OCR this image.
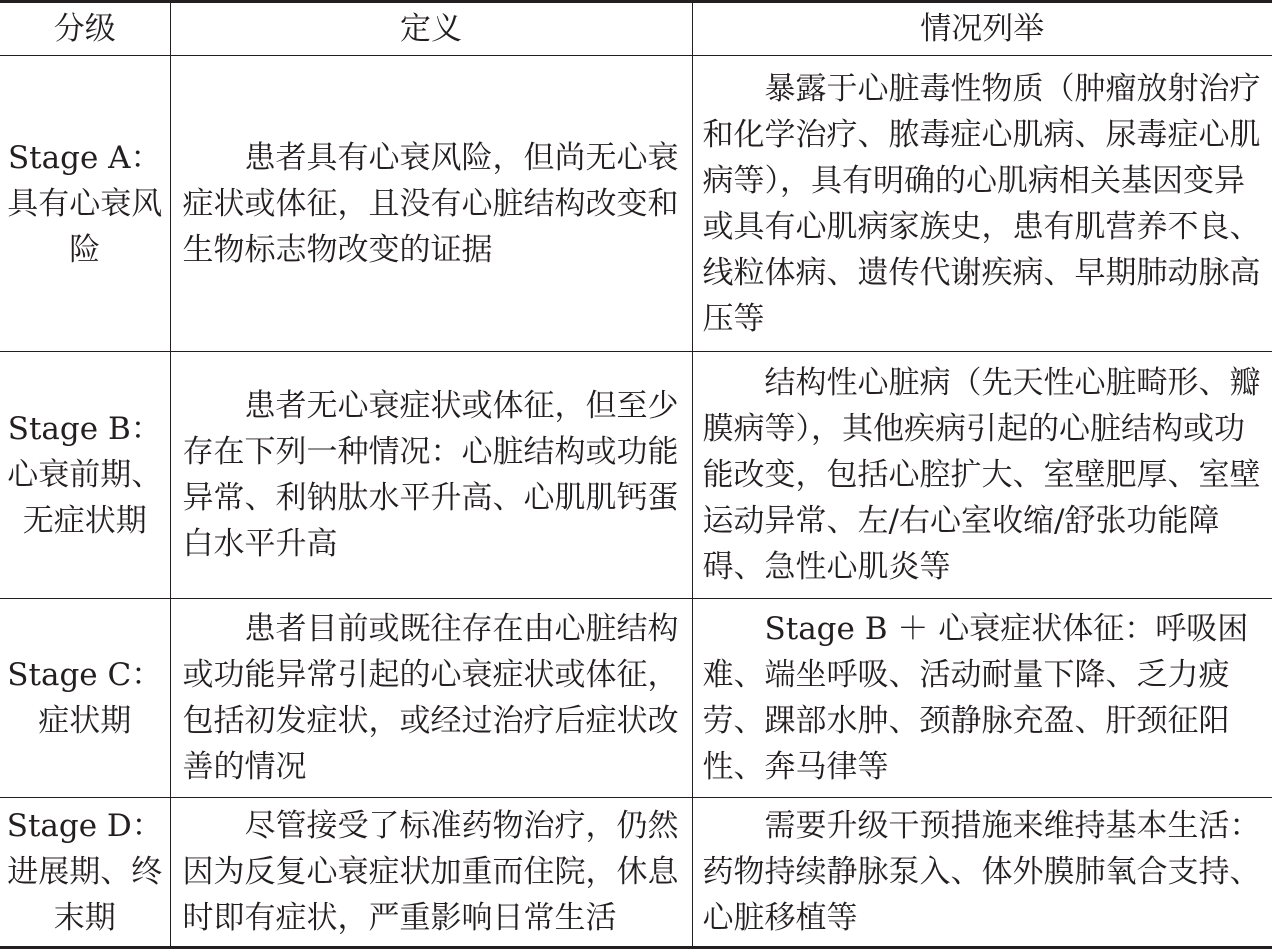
分级	定义	情况列举
Stage A：具有心衰风险	患者具有心衰风险，但尚无心衰症状或体征，且没有心脏结构改变和生物标志物改变的证据	暴露于心脏毒性物质（肿瘤放射治疗和化学治疗、脓毒症心肌病、尿毒症心肌病等），具有明确的心肌病相关基因变异或具有心肌病家族史，患有肌营养不良、线粒体病、遗传代谢疾病、早期肺动脉高压等

Stage B：心衰前期、无症状期	患者无心衰症状或体征，但至少存在下列一种情况：心脏结构或功能异常、利钠肽水平升高、心肌肌钙蛋白水平升高	结构性心脏病（先天性心脏畸形、瓣膜病等），其他疾病引起的心脏结构或功能改变，包括心腔扩大、室壁肥厚、室壁运动异常、左/右心室收缩/舒张功能障碍、急性心肌炎等

Stage C：症状期	患者目前或既往存在由心脏结构或功能异常引起的心衰症状或体征，包括初发症状，或经过治疗后症状改善的情况	Stage B ＋ 心衰症状体征：呼吸困难、端坐呼吸、活动耐量下降、乏力疲劳、踝部水肿、颈静脉充盈、肝颈征阳性、奔马律等

Stage D：进展期、终末期	尽管接受了标准药物治疗，仍然因为反复心衰症状加重而住院，休息时即有症状，严重影响日常生活	需要升级干预措施来维持基本生活：药物持续静脉泵入、体外膜肺氧合支持、心脏移植等
